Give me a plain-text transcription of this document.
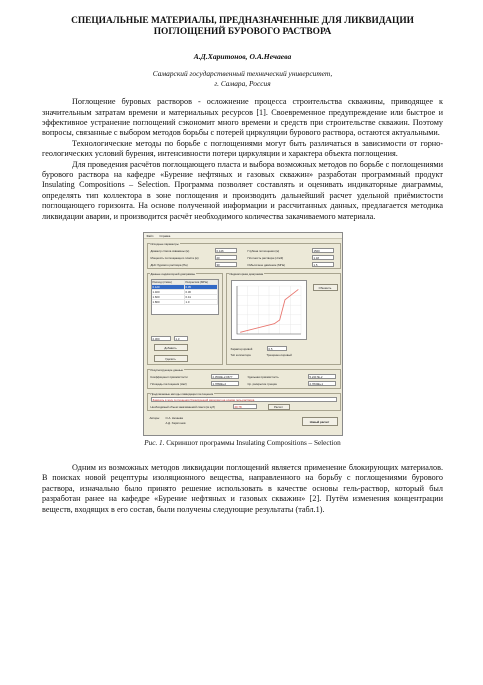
СПЕЦИАЛЬНЫЕ МАТЕРИАЛЫ, ПРЕДНАЗНАЧЕННЫЕ ДЛЯ ЛИКВИДАЦИИ
ПОГЛОЩЕНИЙ БУРОВОГО РАСТВОРА
А.Д.Харитонов, О.А.Нечаева
Самарский государственный технический университет,
г. Самара, Россия

Поглощение буровых растворов - осложнение процесса строительства скважины, приводящее к значительным затратам времени и материальных ресурсов [1]. Своевременное предупреждение или быстрое и эффективное устранение поглощений сэкономит много времени и средств при строительстве скважин. Поэтому вопросы, связанные с выбором методов борьбы с потерей циркуляции бурового раствора, остаются актуальными.

Технологические методы по борьбе с поглощениями могут быть различаться в зависимости от горно-геологических условий бурения, интенсивности потери циркуляции и характера объекта поглощения.

Для проведения расчётов поглощающего пласта и выбора возможных методов по борьбе с поглощениями бурового раствора на кафедре «Бурение нефтяных и газовых скважин» разработан программный продукт Insulating Compositions – Selection. Программа позволяет составлять и оценивать индикаторные диаграммы, определять тип коллектора в зоне поглощения и производить дальнейший расчет удельной приёмистости поглощающего горизонта. На основе полученной информации и рассчитанных данных, предлагается методика ликвидации аварии, и производится расчёт необходимого количества закачиваемого материала.

Файл Справка
Исходные параметры
Диаметр ствола скважины (м)	0.146
Мощность поглощающего пласта (м)	20
ДНС бурового раствора (Па)	30
Глубина поглощения (м)	1500
Плотность раствора (г/см3)	1.18
Избыточное давление (МПа)	1.5
Данные индикаторной диаграммы
Расход (л/мин)	Репрессия (МПа)
0.120	0.05
1.400	0.30
1.600	0.41
1.800	1.0
2.300	1.3
Добавить
Удалить
Индикаторная диаграмма
Обновить
Характер кривой	0.5
Тип коллектора	Трещинно-поровый
Результирующие данные
Коэффициент приёмистости	2.3502E-2,0677
Площадь поглощения (см2)	1.7882E+2
Удельная приёмистость	5.2417E-2
Ср. раскрытие трещин	2.7843E+1
Предлагаемые методы ликвидации поглощения
Закачать в зону поглощения блокирующий материал на основе гель-раствора
Необходимый объем закачиваемой смеси (м куб)	20.78	Расчёт
Авторы:	О.А. Нечаева
А.Д. Харитонов	Новый расчет
Рис. 1. Скриншот программы Insulating Compositions – Selection

Одним из возможных методов ликвидации поглощений является применение блокирующих материалов. В поисках новой рецептуры изоляционного вещества, направленного на борьбу с поглощениями бурового раствора, изначально было принято решение использовать в качестве основы гель-раствор, который был разработан ранее на кафедре «Бурение нефтяных и газовых скважин» [2]. Путём изменения концентрации веществ, входящих в его состав, были получены следующие результаты (табл.1).
